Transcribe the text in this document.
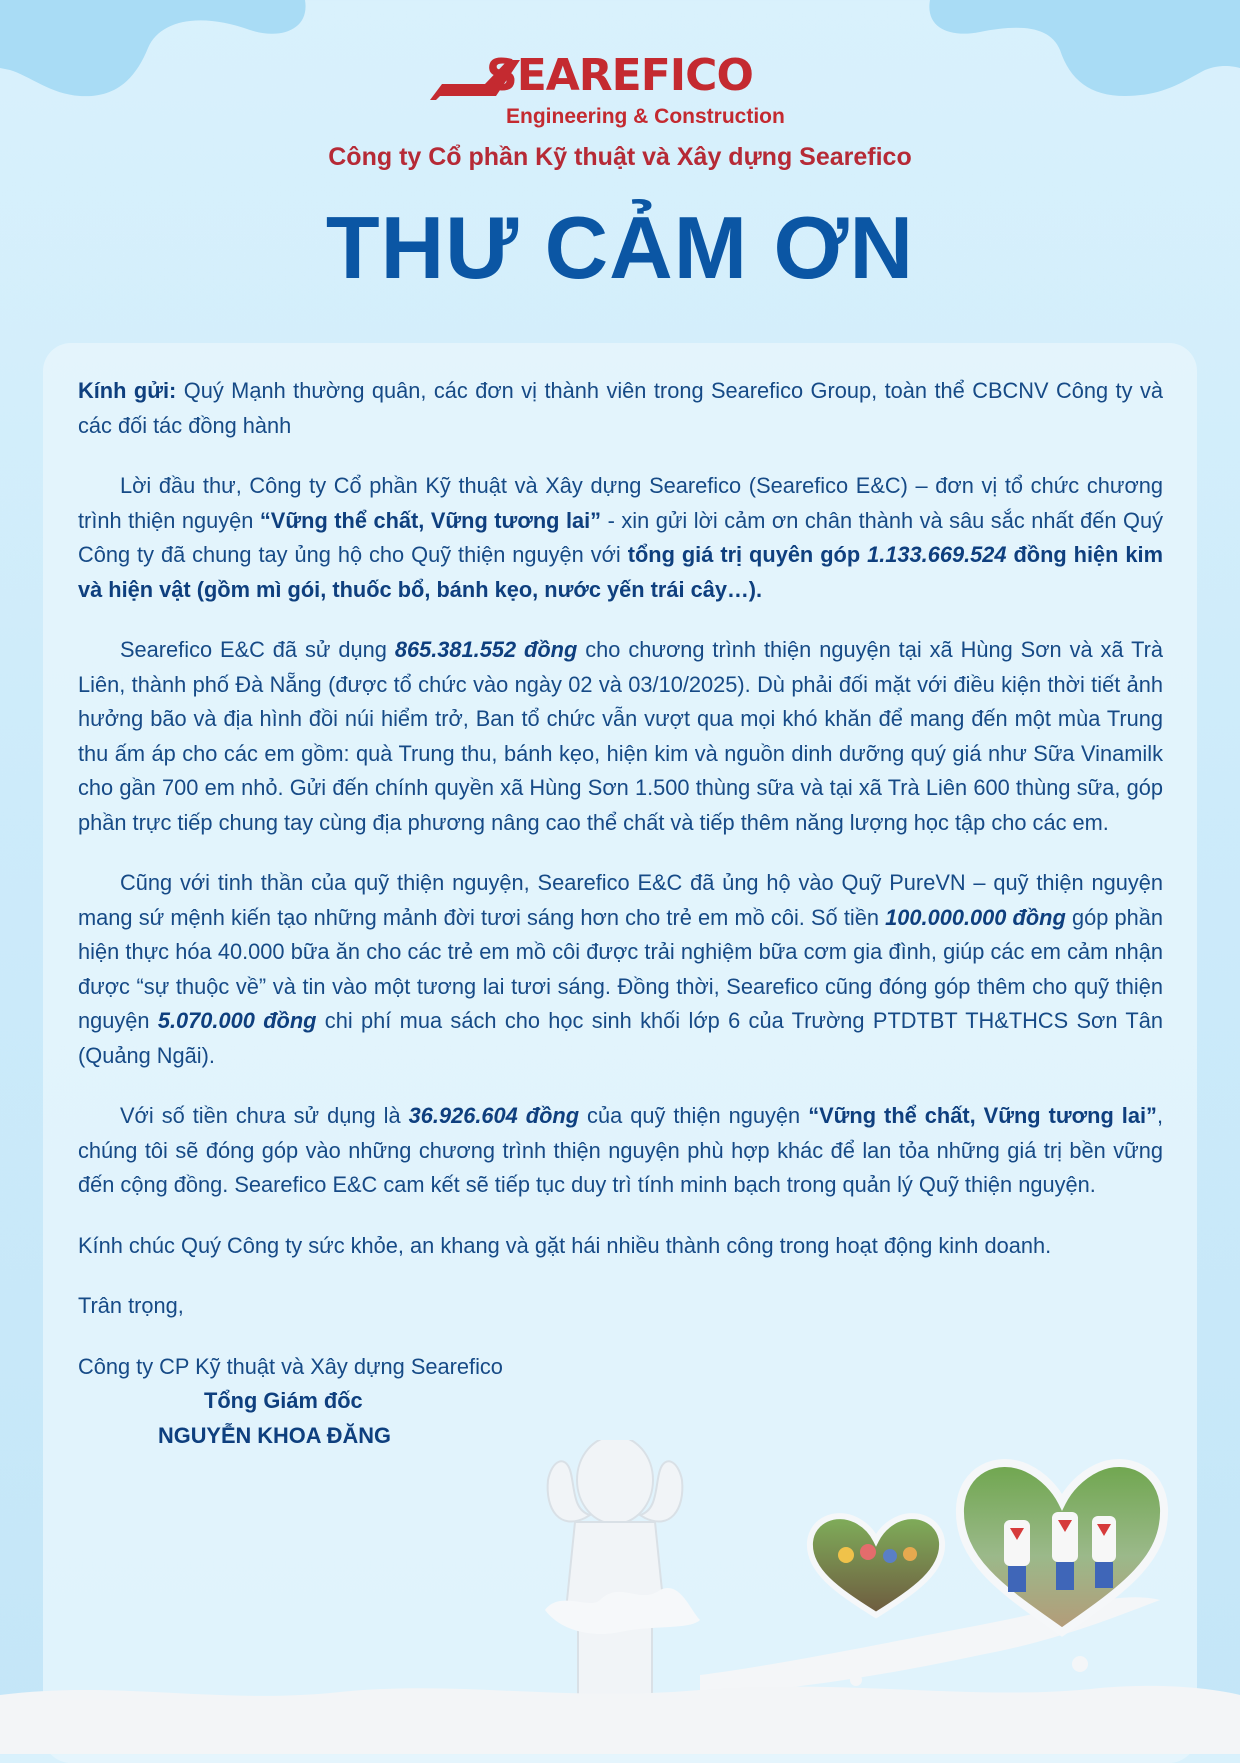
SEAREFICO
Engineering & Construction
Công ty Cổ phần Kỹ thuật và Xây dựng Searefico
THƯ CẢM ƠN

Kính gửi: Quý Mạnh thường quân, các đơn vị thành viên trong Searefico Group, toàn thể CBCNV Công ty và các đối tác đồng hành

Lời đầu thư, Công ty Cổ phần Kỹ thuật và Xây dựng Searefico (Searefico E&C) – đơn vị tổ chức chương trình thiện nguyện “Vững thể chất, Vững tương lai” - xin gửi lời cảm ơn chân thành và sâu sắc nhất đến Quý Công ty đã chung tay ủng hộ cho Quỹ thiện nguyện với tổng giá trị quyên góp 1.133.669.524 đồng hiện kim và hiện vật (gồm mì gói, thuốc bổ, bánh kẹo, nước yến trái cây…).

Searefico E&C đã sử dụng 865.381.552 đồng cho chương trình thiện nguyện tại xã Hùng Sơn và xã Trà Liên, thành phố Đà Nẵng (được tổ chức vào ngày 02 và 03/10/2025). Dù phải đối mặt với điều kiện thời tiết ảnh hưởng bão và địa hình đồi núi hiểm trở, Ban tổ chức vẫn vượt qua mọi khó khăn để mang đến một mùa Trung thu ấm áp cho các em gồm: quà Trung thu, bánh kẹo, hiện kim và nguồn dinh dưỡng quý giá như Sữa Vinamilk cho gần 700 em nhỏ. Gửi đến chính quyền xã Hùng Sơn 1.500 thùng sữa và tại xã Trà Liên 600 thùng sữa, góp phần trực tiếp chung tay cùng địa phương nâng cao thể chất và tiếp thêm năng lượng học tập cho các em.

Cũng với tinh thần của quỹ thiện nguyện, Searefico E&C đã ủng hộ vào Quỹ PureVN – quỹ thiện nguyện mang sứ mệnh kiến tạo những mảnh đời tươi sáng hơn cho trẻ em mồ côi. Số tiền 100.000.000 đồng góp phần hiện thực hóa 40.000 bữa ăn cho các trẻ em mồ côi được trải nghiệm bữa cơm gia đình, giúp các em cảm nhận được “sự thuộc về” và tin vào một tương lai tươi sáng. Đồng thời, Searefico cũng đóng góp thêm cho quỹ thiện nguyện 5.070.000 đồng chi phí mua sách cho học sinh khối lớp 6 của Trường PTDTBT TH&THCS Sơn Tân (Quảng Ngãi).

Với số tiền chưa sử dụng là 36.926.604 đồng của quỹ thiện nguyện “Vững thể chất, Vững tương lai”, chúng tôi sẽ đóng góp vào những chương trình thiện nguyện phù hợp khác để lan tỏa những giá trị bền vững đến cộng đồng. Searefico E&C cam kết sẽ tiếp tục duy trì tính minh bạch trong quản lý Quỹ thiện nguyện.

Kính chúc Quý Công ty sức khỏe, an khang và gặt hái nhiều thành công trong hoạt động kinh doanh.

Trân trọng,

Công ty CP Kỹ thuật và Xây dựng Searefico
Tổng Giám đốc
NGUYỄN KHOA ĐĂNG
